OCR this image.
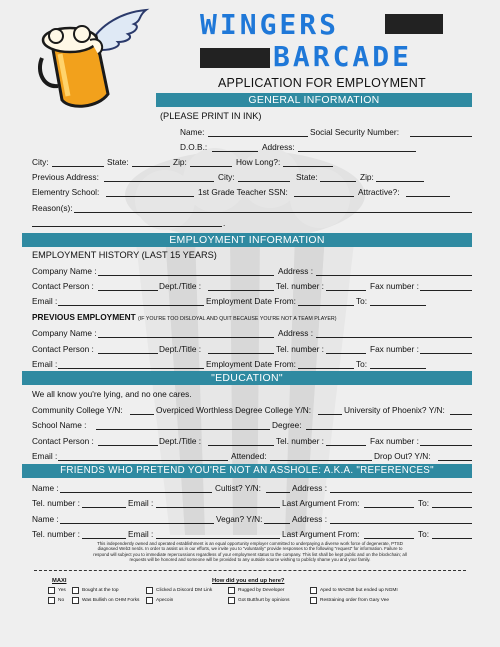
WINGERS
BARCADE
APPLICATION FOR EMPLOYMENT
GENERAL INFORMATION
(PLEASE PRINT IN INK)
Name:	Social Security Number:
D.O.B.:	Address:
City:	State:	Zip:	How Long?:
Previous Address:	City:	State:	Zip:
Elementry School:	1st Grade Teacher SSN:	Attractive?:
Reason(s):
.
EMPLOYMENT INFORMATION
EMPLOYMENT HISTORY (LAST 15 YEARS)
Company Name :	Address :
Contact Person :	Dept./Title :	Tel. number :	Fax number :
Email :	Employment Date From:	To:
PREVIOUS EMPLOYMENT (IF YOU'RE TOO DISLOYAL AND QUIT BECAUSE YOU'RE NOT A TEAM PLAYER)
Company Name :	Address :
Contact Person :	Dept./Title :	Tel. number :	Fax number :
Email :	Employment Date From:	To:
"EDUCATION"
We all know you're lying, and no one cares.
Community College Y/N:	Overpiced Worthless Degree College Y/N:	University of Phoenix? Y/N:
School Name :	Degree:
Contact Person :	Dept./Title :	Tel. number :	Fax number :
Email :	Attended:	Drop Out? Y/N:
FRIENDS WHO PRETEND YOU'RE NOT AN ASSHOLE: A.K.A. "REFERENCES"
Name :	Cultist? Y/N:	Address :
Tel. number :	Email :	Last Argument From:	To:
Name :	Vegan? Y/N:	Address :
Tel. number :	Email :	Last Argument From:	To:
This independently owned and operated establishment is an equal opportunity employer committed to underpaying a diverse work force of degenerate, PTSD diagnosed Web3 nerds. In order to assist us in our efforts, we invite you to "voluntarily" provide responses to the following "request" for information. Failure to respond will subject you to immediate repercussions regardless of your employment status to the company. This list shall be kept public and on the blockchain; all requests will be honored and someone will be provided to any outside source wishing to publicly shame you and your family.
MAXI	How did you end up here?
Yes
No
Bought at the top
Was Bullish on OHM Forks
Clicked a Discord DM Link
Apecoin
Rugged by Developer
Got Butthurt by opinions
Aped to WAGMI but ended up NGMI
Restraining order from Gary Vee
